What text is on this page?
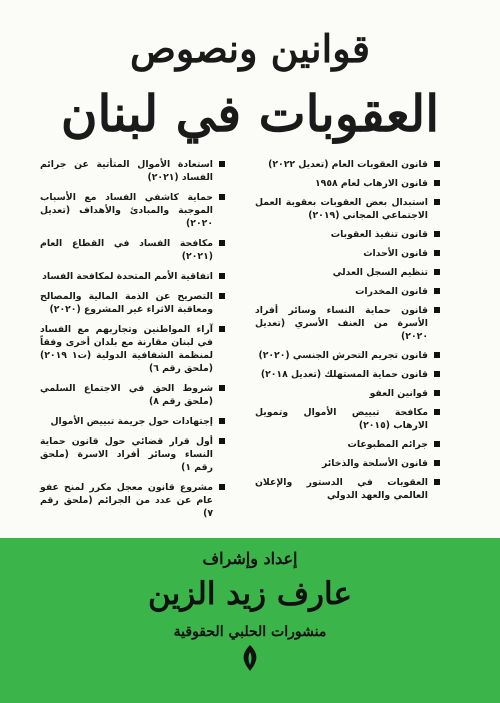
قوانين ونصوص
العقوبات في لبنان
قانون العقوبات العام (تعديل ٢٠٢٢)
قانون الارهاب لعام ١٩٥٨
استبدال بعض العقوبات بعقوبة العمل الاجتماعي المجاني (٢٠١٩)
قانون تنفيذ العقوبات
قانون الأحداث
تنظيم السجل العدلي
قانون المخدرات
قانون حماية النساء وسائر أفراد الأسرة من العنف الأسري (تعديل ٢٠٢٠)
قانون تجريم التحرش الجنسي (٢٠٢٠)
قانون حماية المستهلك (تعديل ٢٠١٨)
قوانين العفو
مكافحة تبييض الأموال وتمويل الارهاب (٢٠١٥)
جرائم المطبوعات
قانون الأسلحة والذخائر
العقوبات في الدستور والإعلان العالمي والعهد الدولي
استعادة الأموال المتأتية عن جرائم الفساد (٢٠٢١)
حماية كاشفي الفساد مع الأسباب الموجبة والمبادئ والأهداف (تعديل ٢٠٢٠)
مكافحة الفساد في القطاع العام (٢٠٢١)
اتفاقية الأمم المتحدة لمكافحة الفساد
التصريح عن الذمة المالية والمصالح ومعاقبة الاثراء غير المشروع (٢٠٢٠)
آراء المواطنين وتجاربهم مع الفساد في لبنان مقارنة مع بلدان أخرى وفقاً لمنظمة الشفافية الدولية (ت١ ٢٠١٩) (ملحق رقم ٦)
شروط الحق في الاجتماع السلمي (ملحق رقم ٨)
إجتهادات حول جريمة تبييض الأموال
أول قرار قضائي حول قانون حماية النساء وسائر أفراد الاسرة (ملحق رقم ١)
مشروع قانون معجل مكرر لمنح عفو عام عن عدد من الجرائم (ملحق رقم ٧)
إعداد وإشراف
عارف زيد الزين
منشورات الحلبي الحقوقية
